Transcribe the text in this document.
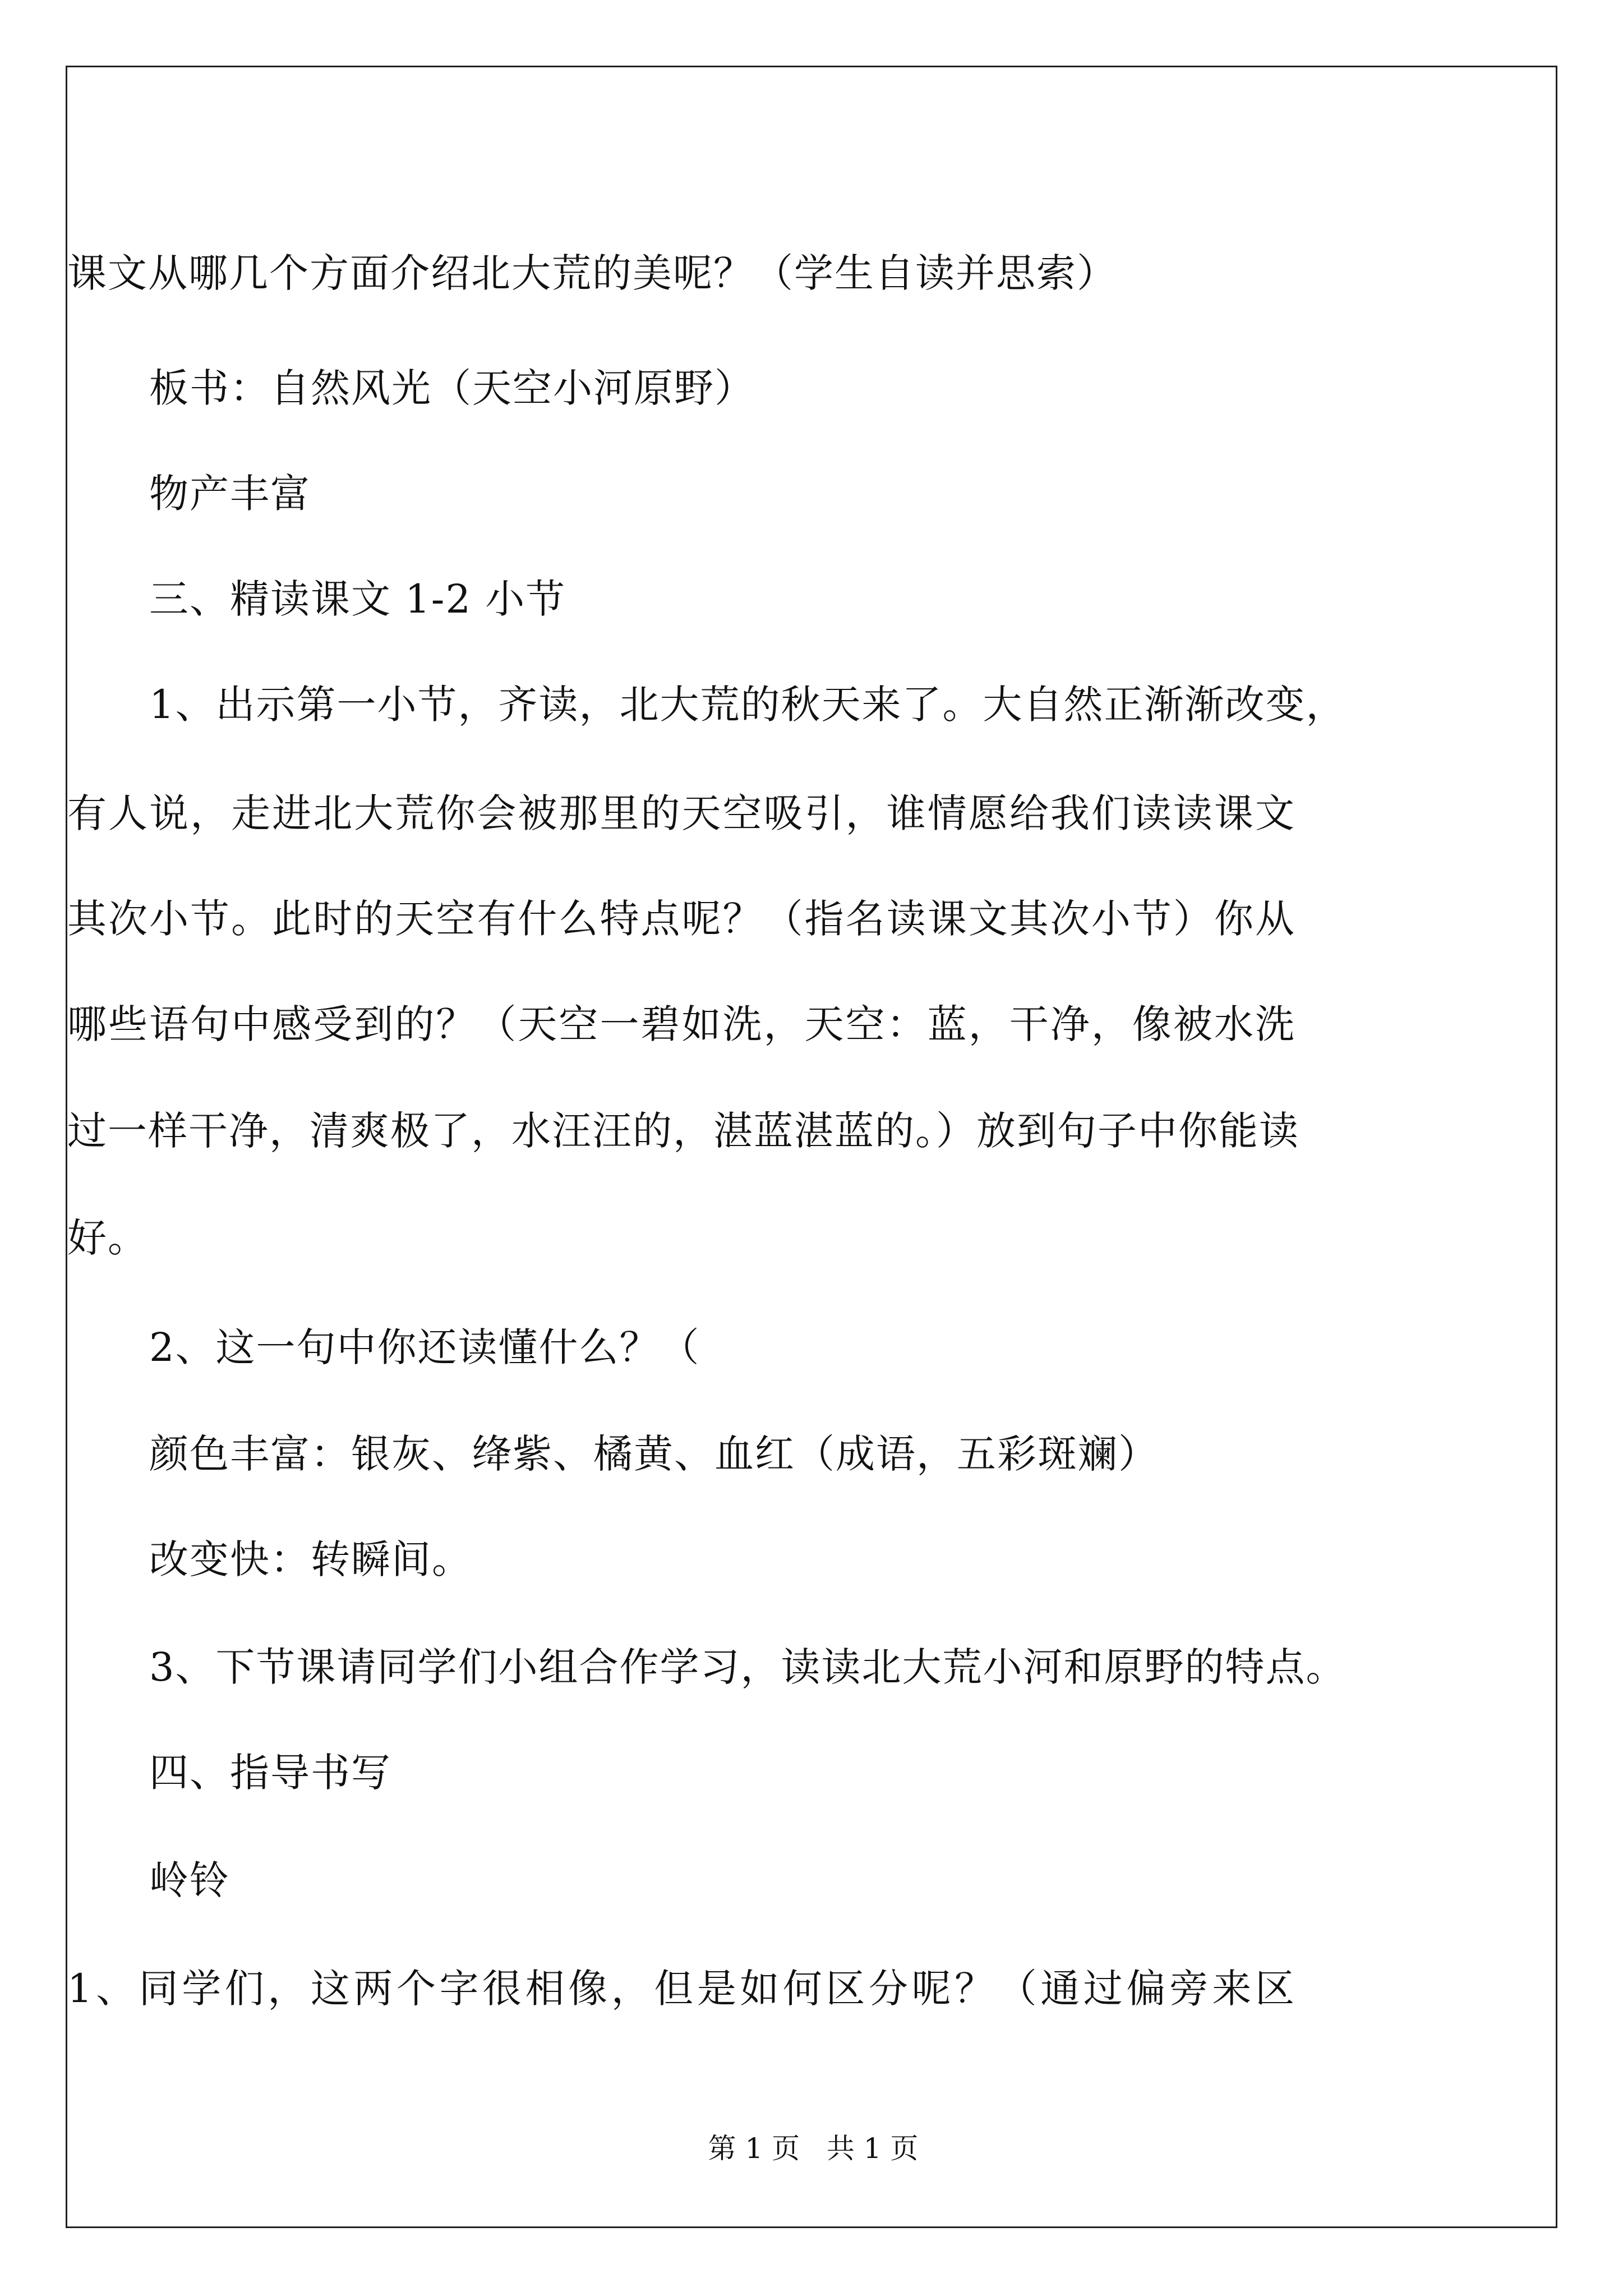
课文从哪几个方面介绍北大荒的美呢？（学生自读并思索）
板书：自然风光（天空小河原野）
物产丰富
三、精读课文 1-2 小节
1、出示第一小节，齐读，北大荒的秋天来了。大自然正渐渐改变，
有人说，走进北大荒你会被那里的天空吸引，谁情愿给我们读读课文
其次小节。此时的天空有什么特点呢？（指名读课文其次小节）你从
哪些语句中感受到的？（天空一碧如洗，天空：蓝，干净，像被水洗
过一样干净，清爽极了，水汪汪的，湛蓝湛蓝的。）放到句子中你能读
好。
2、这一句中你还读懂什么？（
颜色丰富：银灰、绛紫、橘黄、血红（成语，五彩斑斓）
改变快：转瞬间。
3、下节课请同学们小组合作学习，读读北大荒小河和原野的特点。
四、指导书写
岭铃
1、同学们，这两个字很相像，但是如何区分呢？（通过偏旁来区
第 1 页   共 1 页
